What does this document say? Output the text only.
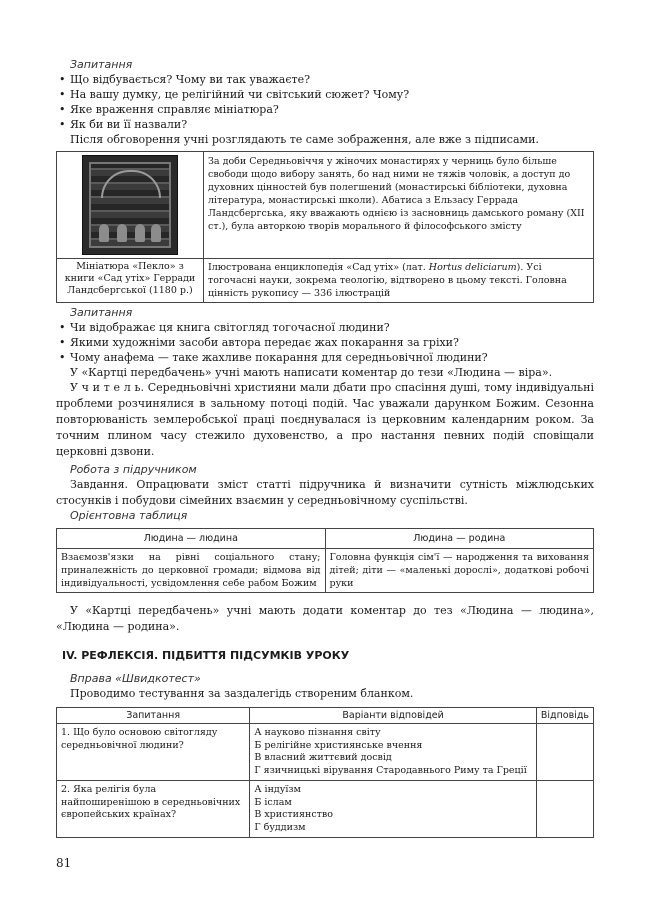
Запитання
• Що відбувається? Чому ви так уважаєте?
• На вашу думку, це релігійний чи світський сюжет? Чому?
• Яке враження справляє мініатюра?
• Як би ви її назвали?
Після обговорення учні розглядають те саме зображення, але вже з підписами.
	За доби Середньовіччя у жіночих монастирях у черниць було більше свободи щодо вибору занять, бо над ними не тяжів чоловік, а доступ до духовних цінностей був полегшений (монастирські бібліотеки, духовна література, монастирські школи). Абатиса з Ельзасу Геррада Ландсбергська, яку вважають однією із засновниць дамського роману (XII ст.), була авторкою творів морального й філософського змісту
Мініатюра «Пекло» з книги «Сад утіх» Герради Ландсбергської (1180 р.)	Ілюстрована енциклопедія «Сад утіх» (лат. Hortus deliciarum). Усі тогочасні науки, зокрема теологію, відтворено в цьому тексті. Головна цінність рукопису — 336 ілюстрацій
Запитання
• Чи відображає ця книга світогляд тогочасної людини?
• Якими художніми засоби автора передає жах покарання за гріхи?
• Чому анафема — таке жахливе покарання для середньовічної людини?
У «Картці передбачень» учні мають написати коментар до тези «Людина — віра».

У ч и т е л ь. Середньовічні християни мали дбати про спасіння душі, тому індивідуальні проблеми розчинялися в зальному потоці подій. Час уважали дарунком Божим. Сезонна повторюваність землеробської праці поєднувалася із церковним календарним роком. За точним плином часу стежило духовенство, а про настання певних подій сповіщали церковні дзвони.

Робота з підручником

Завдання. Опрацювати зміст статті підручника й визначити сутність міжлюдських стосунків і побудови сімейних взаємин у середньовічному суспільстві.

Орієнтовна таблиця
Людина — людина	Людина — родина
Взаємозв'язки на рівні соціального стану; приналежність до церковної громади; відмова від індивідуальності, усвідомлення себе рабом Божим	Головна функція сім'ї — народження та виховання дітей; діти — «маленькі дорослі», додаткові робочі руки

У «Картці передбачень» учні мають додати коментар до тез «Людина — людина», «Людина — родина».

IV. РЕФЛЕКСІЯ. ПІДБИТТЯ ПІДСУМКІВ УРОКУ
Вправа «Швидкотест»
Проводимо тестування за заздалегідь створеним бланком.
Запитання	Варіанти відповідей	Відповідь
1. Що було основою світогляду середньовічної людини?	А науково пізнання світу
Б релігійне християнське вчення
В власний життєвий досвід
Г язичницькі вірування Стародавнього Риму та Греції	

2. Яка релігія була найпоширенішою в середньовічних європейських країнах?	А індуїзм
Б іслам
В християнство
Г буддизм	

81
